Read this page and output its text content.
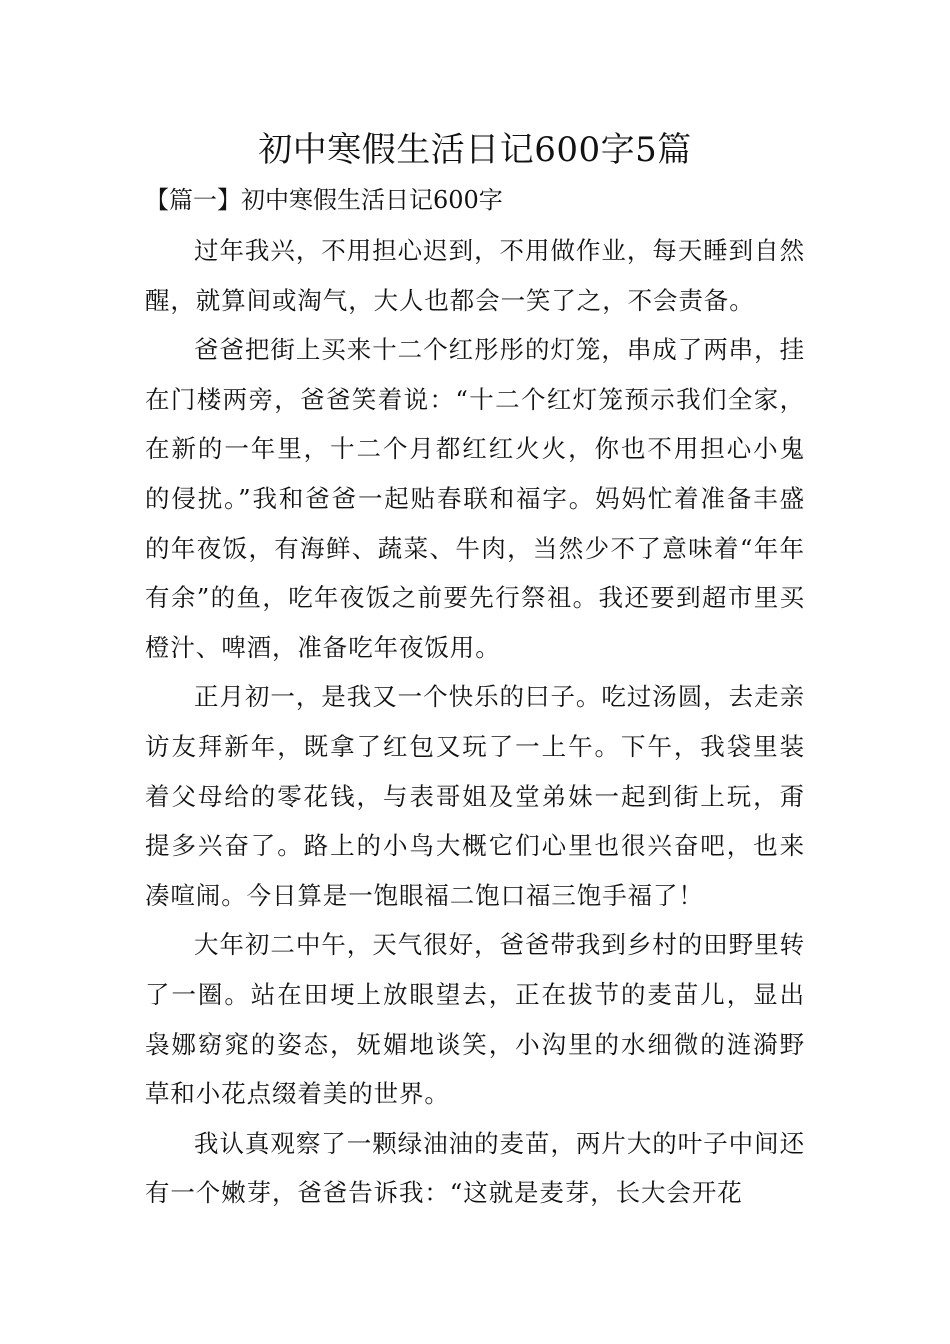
初中寒假生活日记600字5篇

【篇一】初中寒假生活日记600字

过年我兴，不用担心迟到，不用做作业，每天睡到自然醒，就算间或淘气，大人也都会一笑了之，不会责备。

爸爸把街上买来十二个红彤彤的灯笼，串成了两串，挂在门楼两旁，爸爸笑着说：“十二个红灯笼预示我们全家，在新的一年里，十二个月都红红火火，你也不用担心小鬼的侵扰。”我和爸爸一起贴春联和福字。妈妈忙着准备丰盛的年夜饭，有海鲜、蔬菜、牛肉，当然少不了意味着“年年有余”的鱼，吃年夜饭之前要先行祭祖。我还要到超市里买橙汁、啤酒，准备吃年夜饭用。

正月初一，是我又一个快乐的曰子。吃过汤圆，去走亲访友拜新年，既拿了红包又玩了一上午。下午，我袋里装着父母给的零花钱，与表哥姐及堂弟妹一起到街上玩，甭提多兴奋了。路上的小鸟大概它们心里也很兴奋吧，也来凑喧闹。今日算是一饱眼福二饱口福三饱手福了！

大年初二中午，天气很好，爸爸带我到乡村的田野里转了一圈。站在田埂上放眼望去，正在拔节的麦苗儿，显出袅娜窈窕的姿态，妩媚地谈笑，小沟里的水细微的涟漪野草和小花点缀着美的世界。

我认真观察了一颗绿油油的麦苗，两片大的叶子中间还有一个嫩芽，爸爸告诉我：“这就是麦芽，长大会开花
